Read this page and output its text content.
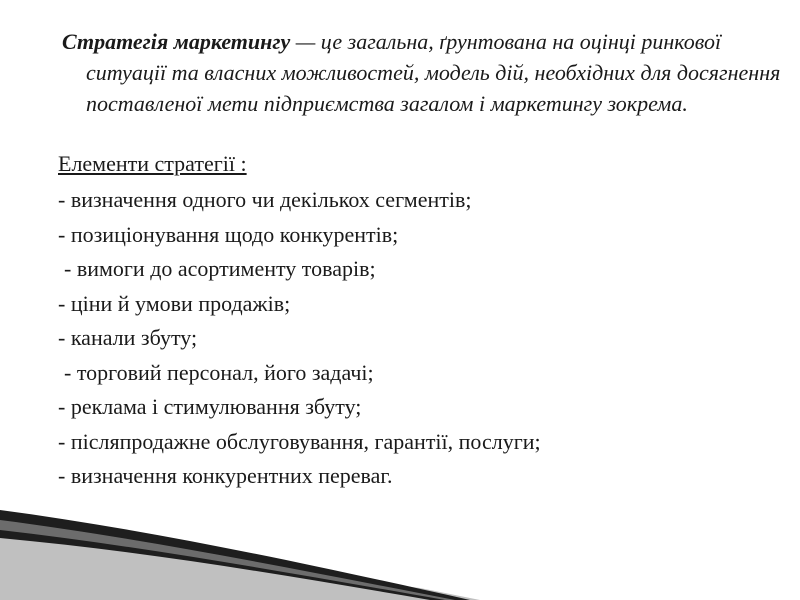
Стратегія маркетингу — це загальна, ґрунтована на оцінці ринкової ситуації та власних можливостей, модель дій, необхідних для досягнення поставленої мети підприємства загалом і маркетингу зокрема.

Елементи стратегії :

- визначення одного чи декількох сегментів;
- позиціонування щодо конкурентів;
- вимоги до асортименту товарів;
- ціни й умови продажів;
- канали збуту;
- торговий персонал, його задачі;
- реклама і стимулювання збуту;
- післяпродажне обслуговування, гарантії, послуги;
- визначення конкурентних переваг.
